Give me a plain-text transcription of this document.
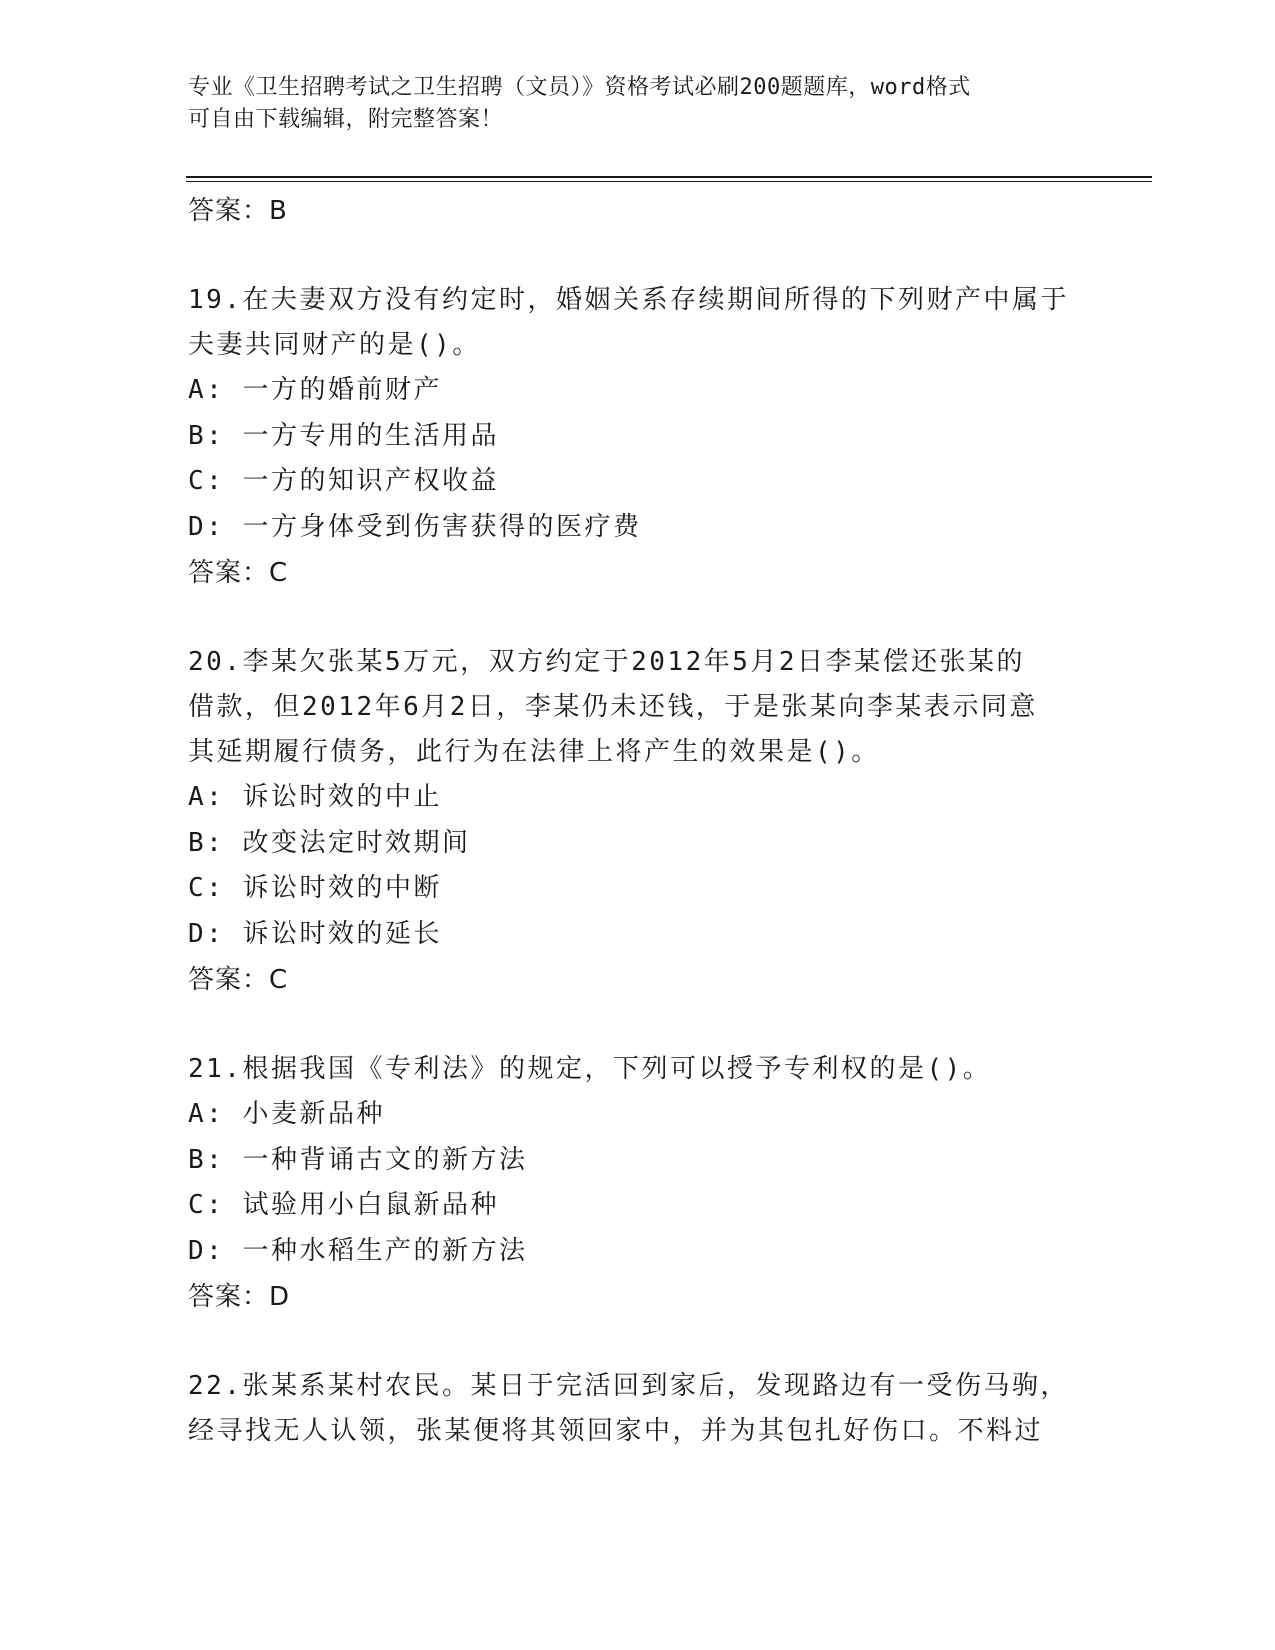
专业《卫生招聘考试之卫生招聘（文员）》资格考试必刷200题题库，word格式
可自由下载编辑，附完整答案！
答案：B
19.在夫妻双方没有约定时，婚姻关系存续期间所得的下列财产中属于
夫妻共同财产的是()。
A: 一方的婚前财产
B: 一方专用的生活用品
C: 一方的知识产权收益
D: 一方身体受到伤害获得的医疗费
答案：C
20.李某欠张某5万元，双方约定于2012年5月2日李某偿还张某的
借款，但2012年6月2日，李某仍未还钱，于是张某向李某表示同意
其延期履行债务，此行为在法律上将产生的效果是()。
A: 诉讼时效的中止
B: 改变法定时效期间
C: 诉讼时效的中断
D: 诉讼时效的延长
答案：C
21.根据我国《专利法》的规定，下列可以授予专利权的是()。
A: 小麦新品种
B: 一种背诵古文的新方法
C: 试验用小白鼠新品种
D: 一种水稻生产的新方法
答案：D
22.张某系某村农民。某日于完活回到家后，发现路边有一受伤马驹，
经寻找无人认领，张某便将其领回家中，并为其包扎好伤口。不料过
